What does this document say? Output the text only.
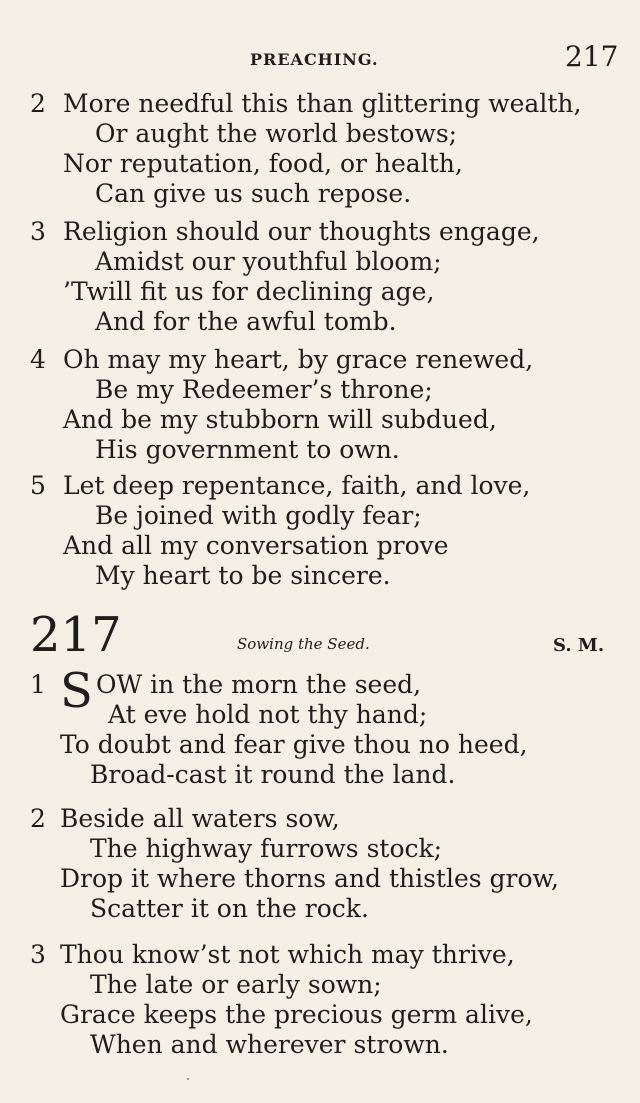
PREACHING.	217
2 More needful this than glittering wealth,
Or aught the world bestows;
Nor reputation, food, or health,
Can give us such repose.
3 Religion should our thoughts engage,
Amidst our youthful bloom;
’Twill fit us for declining age,
And for the awful tomb.
4 Oh may my heart, by grace renewed,
Be my Redeemer’s throne;
And be my stubborn will subdued,
His government to own.
5 Let deep repentance, faith, and love,
Be joined with godly fear;
And all my conversation prove
My heart to be sincere.
217	Sowing the Seed.	S. M.
S
1 OW in the morn the seed,
At eve hold not thy hand;
To doubt and fear give thou no heed,
Broad-cast it round the land.
2 Beside all waters sow,
The highway furrows stock;
Drop it where thorns and thistles grow,
Scatter it on the rock.
3 Thou know’st not which may thrive,
The late or early sown;
Grace keeps the precious germ alive,
When and wherever strown.
